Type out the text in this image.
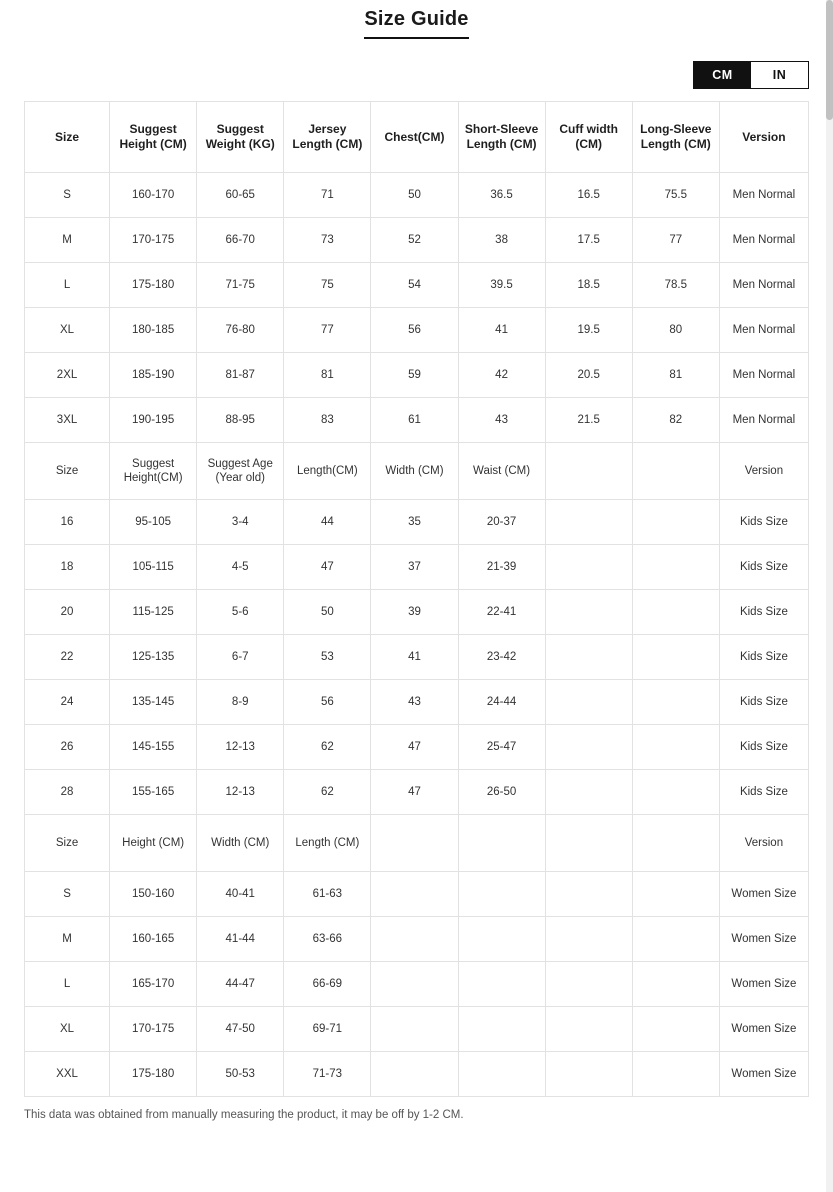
Size Guide
CM	IN
Size	Suggest Height (CM)	Suggest Weight (KG)	Jersey Length (CM)	Chest(CM)	Short-Sleeve Length (CM)	Cuff width (CM)	Long-Sleeve Length (CM)	Version
S	160-170	60-65	71	50	36.5	16.5	75.5	Men Normal
M	170-175	66-70	73	52	38	17.5	77	Men Normal
L	175-180	71-75	75	54	39.5	18.5	78.5	Men Normal
XL	180-185	76-80	77	56	41	19.5	80	Men Normal
2XL	185-190	81-87	81	59	42	20.5	81	Men Normal
3XL	190-195	88-95	83	61	43	21.5	82	Men Normal
Size	Suggest Height(CM)	Suggest Age (Year old)	Length(CM)	Width (CM)	Waist (CM)			Version
16	95-105	3-4	44	35	20-37			Kids Size
18	105-115	4-5	47	37	21-39			Kids Size
20	115-125	5-6	50	39	22-41			Kids Size
22	125-135	6-7	53	41	23-42			Kids Size
24	135-145	8-9	56	43	24-44			Kids Size
26	145-155	12-13	62	47	25-47			Kids Size
28	155-165	12-13	62	47	26-50			Kids Size
Size	Height (CM)	Width (CM)	Length (CM)					Version
S	150-160	40-41	61-63					Women Size
M	160-165	41-44	63-66					Women Size
L	165-170	44-47	66-69					Women Size
XL	170-175	47-50	69-71					Women Size
XXL	175-180	50-53	71-73					Women Size
This data was obtained from manually measuring the product, it may be off by 1-2 CM.
